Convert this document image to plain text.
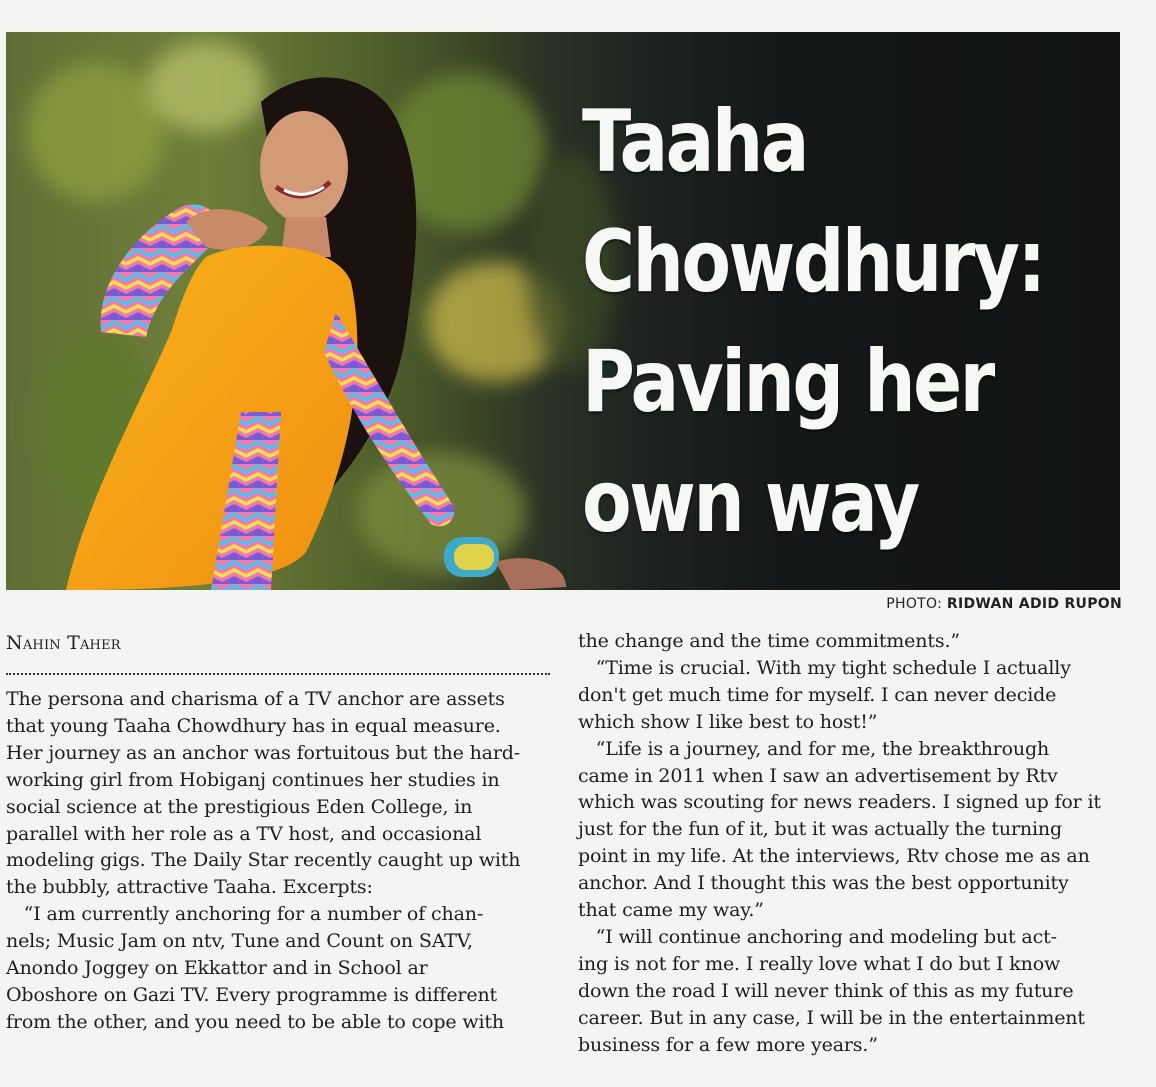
Taaha
Chowdhury:
Paving her
own way
PHOTO: RIDWAN ADID RUPON
Nahin Taher

The persona and charisma of a TV anchor are assets

that young Taaha Chowdhury has in equal measure.

Her journey as an anchor was fortuitous but the hard-

working girl from Hobiganj continues her studies in

social science at the prestigious Eden College, in

parallel with her role as a TV host, and occasional

modeling gigs. The Daily Star recently caught up with

the bubbly, attractive Taaha. Excerpts:

“I am currently anchoring for a number of chan-

nels; Music Jam on ntv, Tune and Count on SATV,

Anondo Joggey on Ekkattor and in School ar

Oboshore on Gazi TV. Every programme is different

from the other, and you need to be able to cope with

the change and the time commitments.”

“Time is crucial. With my tight schedule I actually

don't get much time for myself. I can never decide

which show I like best to host!”

“Life is a journey, and for me, the breakthrough

came in 2011 when I saw an advertisement by Rtv

which was scouting for news readers. I signed up for it

just for the fun of it, but it was actually the turning

point in my life. At the interviews, Rtv chose me as an

anchor. And I thought this was the best opportunity

that came my way.”

“I will continue anchoring and modeling but act-

ing is not for me. I really love what I do but I know

down the road I will never think of this as my future

career. But in any case, I will be in the entertainment

business for a few more years.”
